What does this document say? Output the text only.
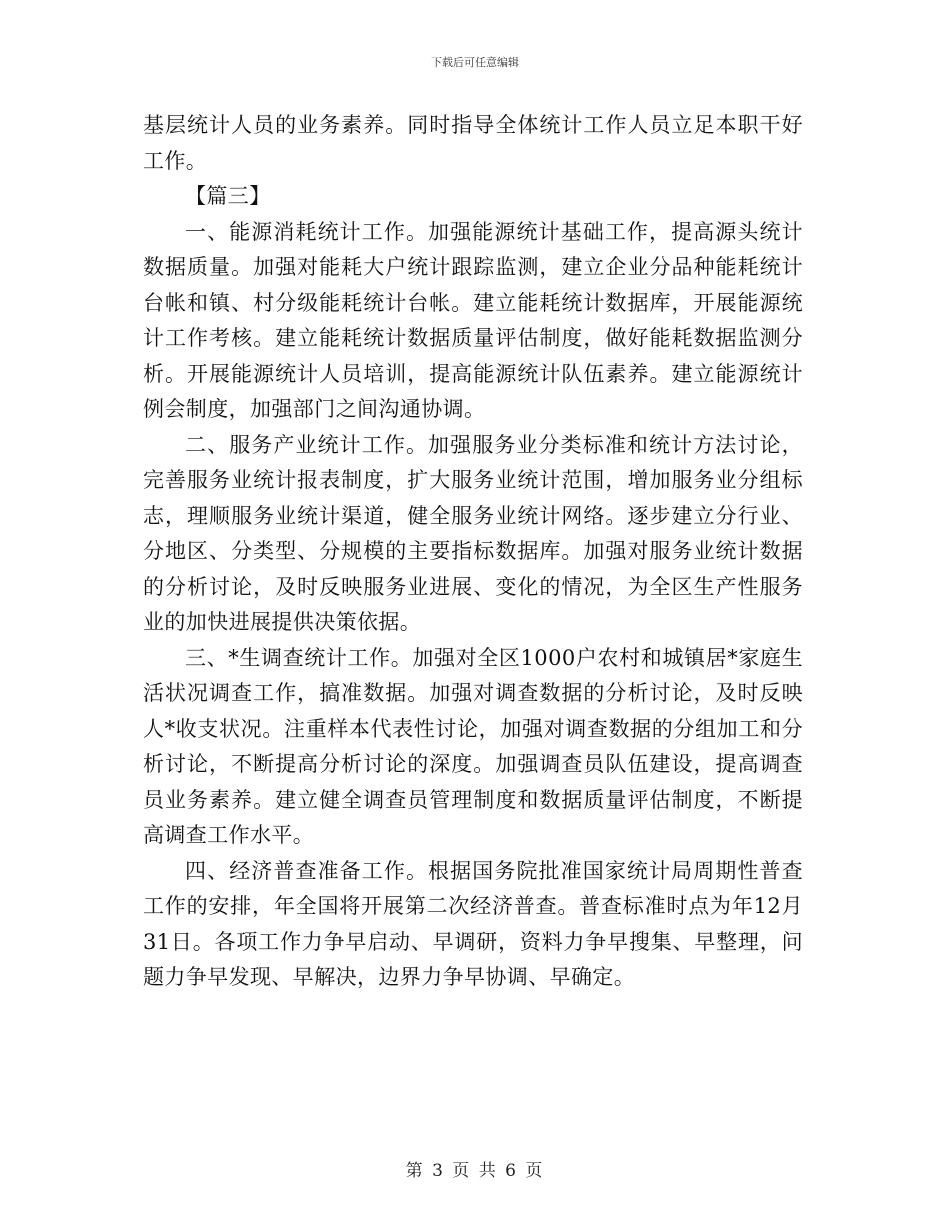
下载后可任意编辑

基层统计人员的业务素养。同时指导全体统计工作人员立足本职干好工作。

【篇三】

一、能源消耗统计工作。加强能源统计基础工作，提高源头统计数据质量。加强对能耗大户统计跟踪监测，建立企业分品种能耗统计台帐和镇、村分级能耗统计台帐。建立能耗统计数据库，开展能源统计工作考核。建立能耗统计数据质量评估制度，做好能耗数据监测分析。开展能源统计人员培训，提高能源统计队伍素养。建立能源统计例会制度，加强部门之间沟通协调。

二、服务产业统计工作。加强服务业分类标准和统计方法讨论，完善服务业统计报表制度，扩大服务业统计范围，增加服务业分组标志，理顺服务业统计渠道，健全服务业统计网络。逐步建立分行业、分地区、分类型、分规模的主要指标数据库。加强对服务业统计数据的分析讨论，及时反映服务业进展、变化的情况，为全区生产性服务业的加快进展提供决策依据。

三、*生调查统计工作。加强对全区1000户农村和城镇居*家庭生活状况调查工作，搞准数据。加强对调查数据的分析讨论，及时反映人*收支状况。注重样本代表性讨论，加强对调查数据的分组加工和分析讨论，不断提高分析讨论的深度。加强调查员队伍建设，提高调查员业务素养。建立健全调查员管理制度和数据质量评估制度，不断提高调查工作水平。

四、经济普查准备工作。根据国务院批准国家统计局周期性普查工作的安排，年全国将开展第二次经济普查。普查标准时点为年12月31日。各项工作力争早启动、早调研，资料力争早搜集、早整理，问题力争早发现、早解决，边界力争早协调、早确定。

第 3 页 共 6 页
